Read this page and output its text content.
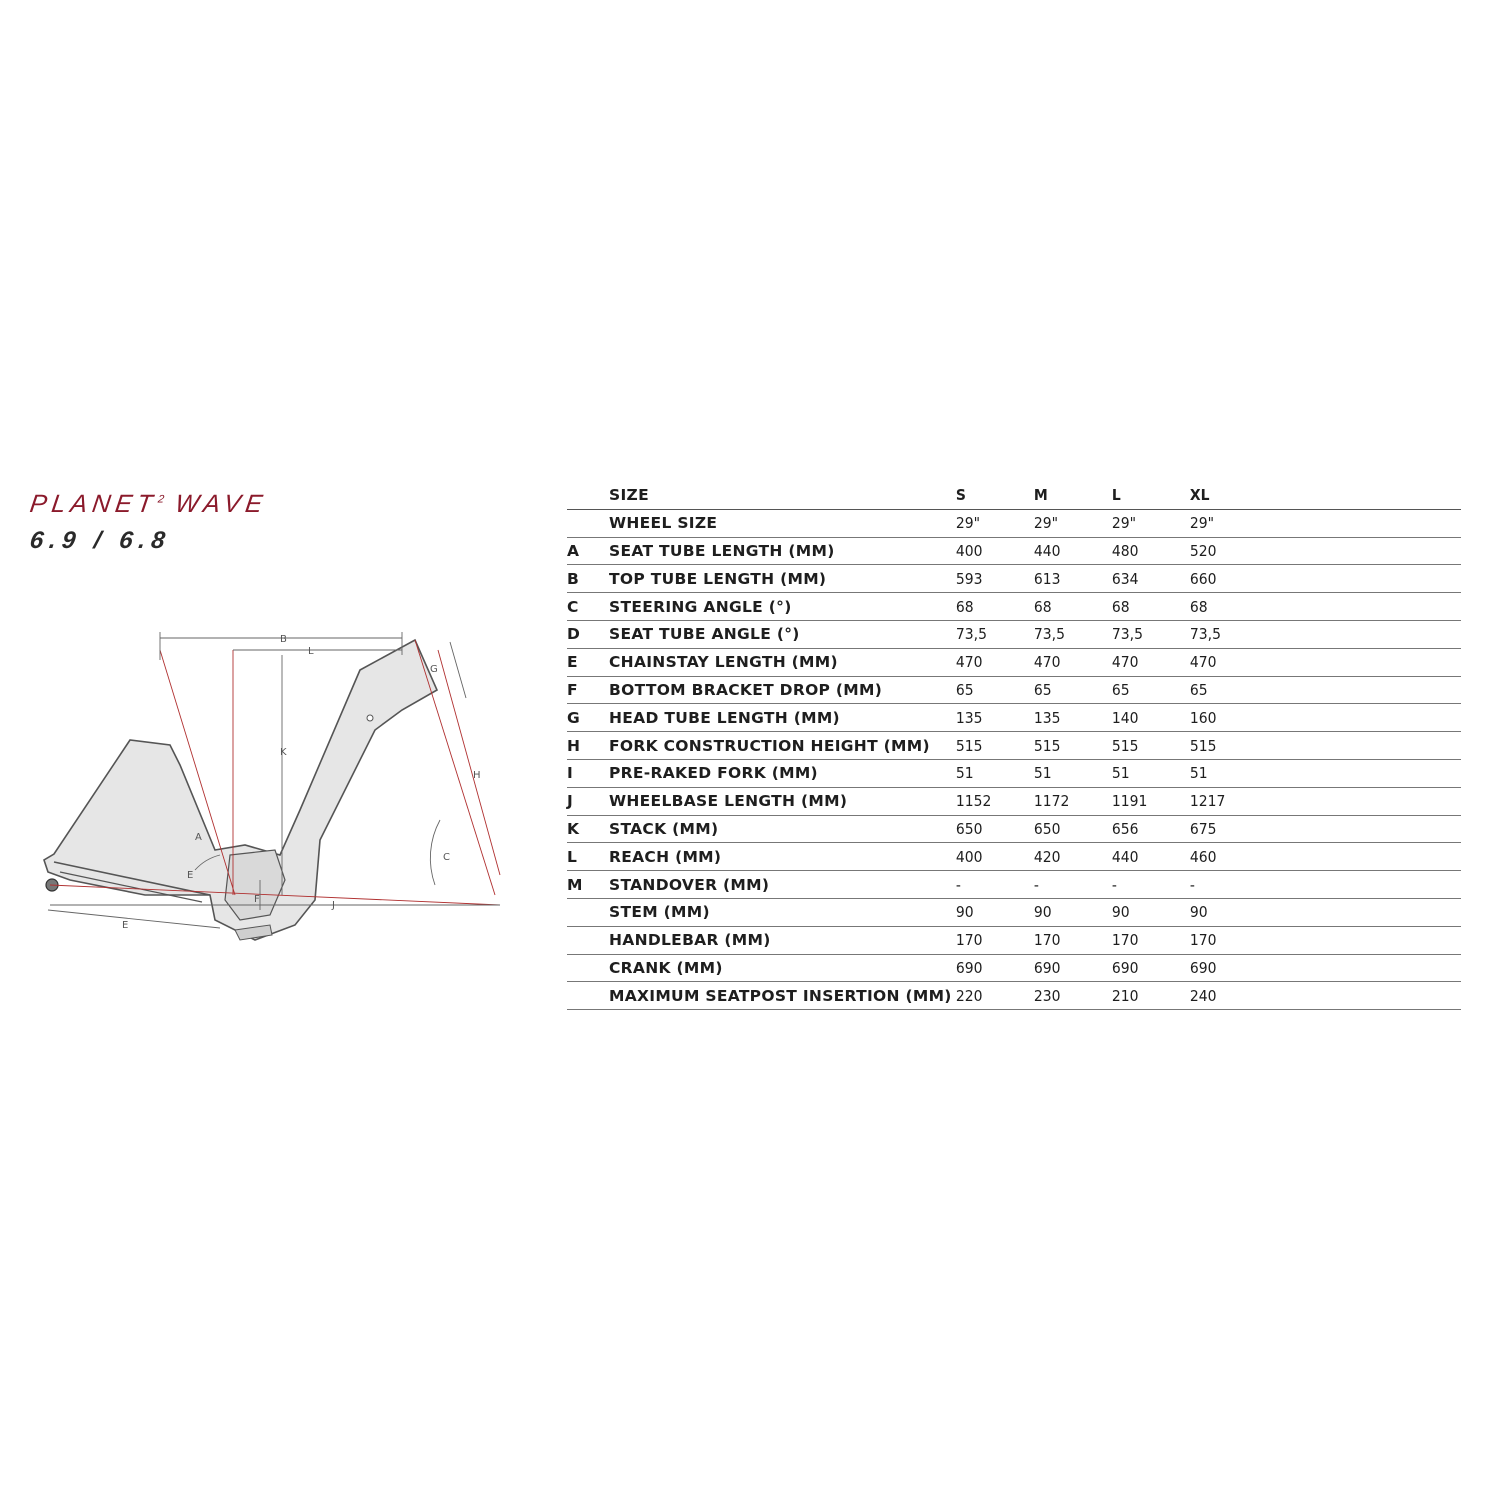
PLANET$^2$ WAVE
6.9 / 6.8
B
L
K
A
E
F
E
J
C
H
G
	SIZE	S	M	L	XL	
	WHEEL SIZE	29"	29"	29"	29"	
A	SEAT TUBE LENGTH (MM)	400	440	480	520	
B	TOP TUBE LENGTH (MM)	593	613	634	660	
C	STEERING ANGLE (°)	68	68	68	68	
D	SEAT TUBE ANGLE (°)	73,5	73,5	73,5	73,5	
E	CHAINSTAY LENGTH (MM)	470	470	470	470	
F	BOTTOM BRACKET DROP (MM)	65	65	65	65	
G	HEAD TUBE LENGTH (MM)	135	135	140	160	
H	FORK CONSTRUCTION HEIGHT (MM)	515	515	515	515	
I	PRE-RAKED FORK (MM)	51	51	51	51	
J	WHEELBASE LENGTH (MM)	1152	1172	1191	1217	
K	STACK (MM)	650	650	656	675	
L	REACH (MM)	400	420	440	460	
M	STANDOVER (MM)	-	-	-	-	
	STEM (MM)	90	90	90	90	
	HANDLEBAR (MM)	170	170	170	170	
	CRANK (MM)	690	690	690	690	
	MAXIMUM SEATPOST INSERTION (MM)	220	230	210	240	
